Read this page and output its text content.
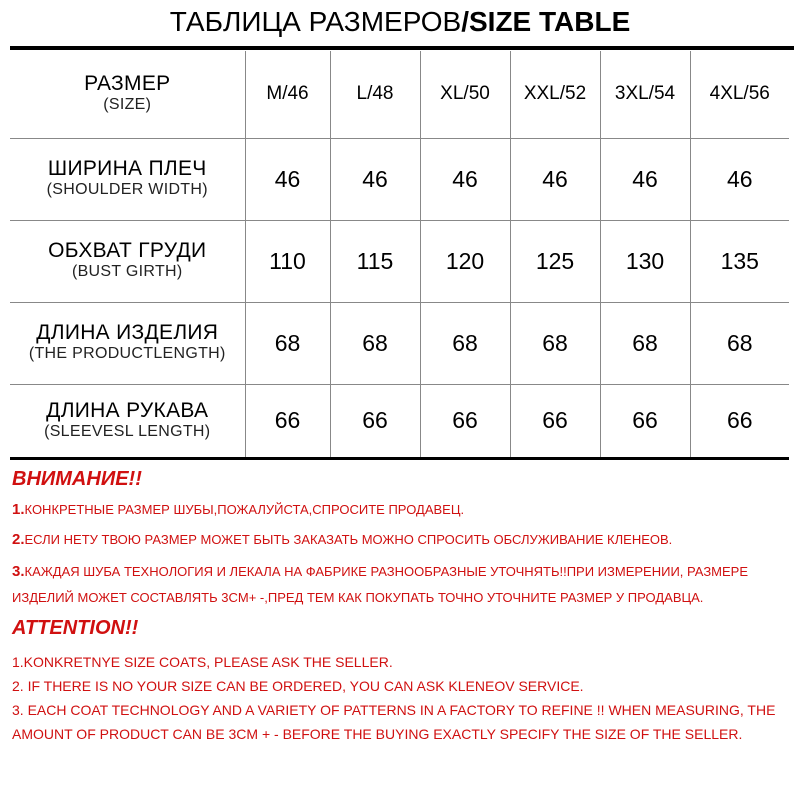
ТАБЛИЦА РАЗМЕРОВ/SIZE TABLE
РАЗМЕР
(SIZE)	M/46	L/48	XL/50	XXL/52	3XL/54	4XL/56

ШИРИНА ПЛЕЧ
(SHOULDER WIDTH)	46	46	46	46	46	46

ОБХВАТ ГРУДИ
(BUST GIRTH)	110	115	120	125	130	135

ДЛИНА ИЗДЕЛИЯ
(THE PRODUCTLENGTH)	68	68	68	68	68	68

ДЛИНА РУКАВА
(SLEEVESL LENGTH)	66	66	66	66	66	66
ВНИМАНИЕ!!
1.КОНКРЕТНЫЕ РАЗМЕР ШУБЫ,ПОЖАЛУЙСТА,СПРОСИТЕ ПРОДАВЕЦ.
2.ЕСЛИ НЕТУ ТВОЮ РАЗМЕР МОЖЕТ БЫТЬ ЗАКАЗАТЬ МОЖНО СПРОСИТЬ ОБСЛУЖИВАНИЕ КЛЕНЕОВ.
3.КАЖДАЯ ШУБА ТЕХНОЛОГИЯ И ЛЕКАЛА НА ФАБРИКЕ РАЗНООБРАЗНЫЕ УТОЧНЯТЬ!!ПРИ ИЗМЕРЕНИИ, РАЗМЕРЕ ИЗДЕЛИЙ МОЖЕТ СОСТАВЛЯТЬ 3CM+ -,ПРЕД ТЕМ КАК ПОКУПАТЬ ТОЧНО УТОЧНИТЕ РАЗМЕР У ПРОДАВЦА.
ATTENTION!!
1.KONKRETNYE SIZE COATS, PLEASE ASK THE SELLER.
2. IF THERE IS NO YOUR SIZE CAN BE ORDERED, YOU CAN ASK KLENEOV SERVICE.
3. EACH COAT TECHNOLOGY AND A VARIETY OF PATTERNS IN A FACTORY TO REFINE !! WHEN MEASURING, THE AMOUNT OF PRODUCT CAN BE 3CM + - BEFORE THE BUYING EXACTLY SPECIFY THE SIZE OF THE SELLER.
